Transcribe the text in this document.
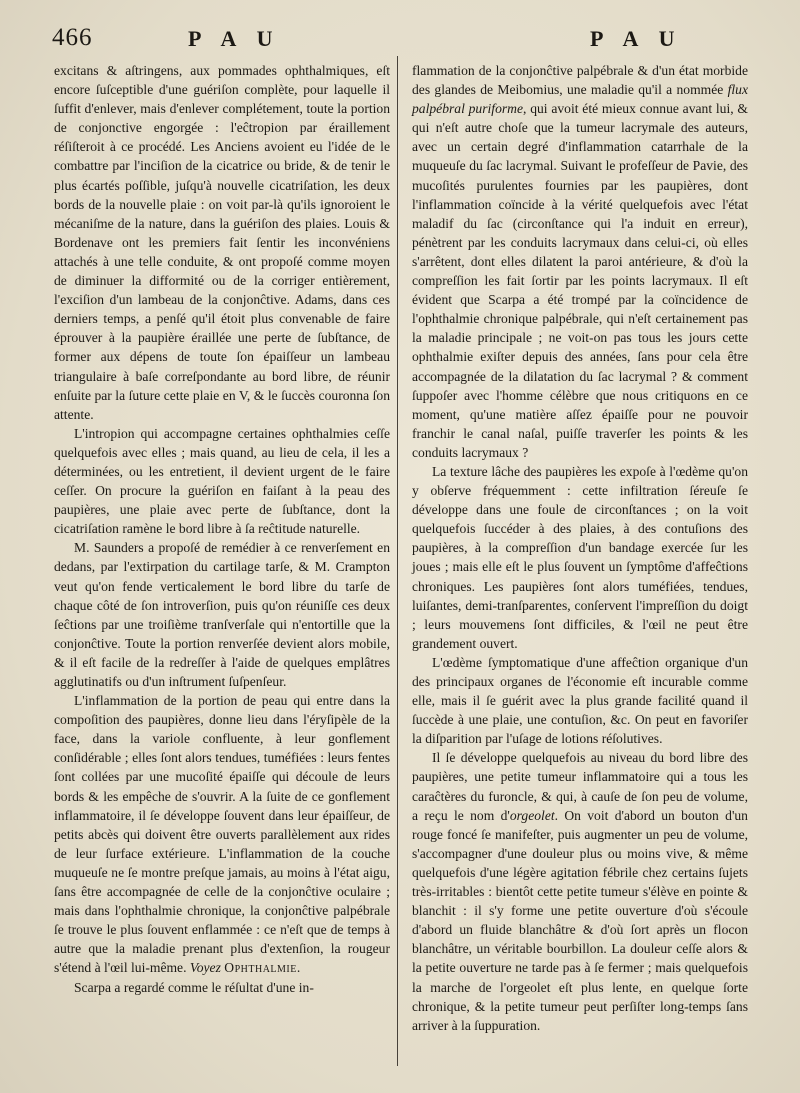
466	P A U	P A U

excitans & aſtringens, aux pommades ophthalmiques, eſt encore ſuſceptible d'une guériſon complète, pour laquelle il ſuffit d'enlever, mais d'enlever complétement, toute la portion de conjonctive engorgée : l'eĉtropion par éraillement réſiſteroit à ce procédé. Les Anciens avoient eu l'idée de le combattre par l'inciſion de la cicatrice ou bride, & de tenir le plus écartés poſſible, juſqu'à nouvelle cicatriſation, les deux bords de la nouvelle plaie : on voit par-là qu'ils ignoroient le mécaniſme de la nature, dans la guériſon des plaies. Louis & Bordenave ont les premiers fait ſentir les inconvéniens attachés à une telle conduite, & ont propoſé comme moyen de diminuer la difformité ou de la corriger entièrement, l'exciſion d'un lambeau de la conjonĉtive. Adams, dans ces derniers temps, a penſé qu'il étoit plus convenable de faire éprouver à la paupière éraillée une perte de ſubſtance, de former aux dépens de toute ſon épaiſſeur un lambeau triangulaire à baſe correſpondante au bord libre, de réunir enſuite par la ſuture cette plaie en V, & le ſuccès couronna ſon attente.

L'intropion qui accompagne certaines ophthalmies ceſſe quelquefois avec elles ; mais quand, au lieu de cela, il les a déterminées, ou les entretient, il devient urgent de le faire ceſſer. On procure la guériſon en faiſant à la peau des paupières, une plaie avec perte de ſubſtance, dont la cicatriſation ramène le bord libre à ſa reĉtitude naturelle.

M. Saunders a propoſé de remédier à ce renverſement en dedans, par l'extirpation du cartilage tarſe, & M. Crampton veut qu'on fende verticalement le bord libre du tarſe de chaque côté de ſon introverſion, puis qu'on réuniſſe ces deux ſeĉtions par une troiſième tranſverſale qui n'entortille que la conjonĉtive. Toute la portion renverſée devient alors mobile, & il eſt facile de la redreſſer à l'aide de quelques emplâtres agglutinatifs ou d'un inſtrument ſuſpenſeur.

L'inflammation de la portion de peau qui entre dans la compoſition des paupières, donne lieu dans l'éryſipèle de la face, dans la variole confluente, à leur gonflement conſidérable ; elles ſont alors tendues, tuméfiées : leurs fentes ſont collées par une mucoſité épaiſſe qui découle de leurs bords & les empêche de s'ouvrir. A la ſuite de ce gonflement inflammatoire, il ſe développe ſouvent dans leur épaiſſeur, de petits abcès qui doivent être ouverts parallèlement aux rides de leur ſurface extérieure. L'inflammation de la couche muqueuſe ne ſe montre preſque jamais, au moins à l'état aigu, ſans être accompagnée de celle de la conjonĉtive oculaire ; mais dans l'ophthalmie chronique, la conjonĉtive palpébrale ſe trouve le plus ſouvent enflammée : ce n'eſt que de temps à autre que la maladie prenant plus d'extenſion, la rougeur s'étend à l'œil lui-même. Voyez Ophthalmie.

Scarpa a regardé comme le réſultat d'une in-

flammation de la conjonĉtive palpébrale & d'un état morbide des glandes de Meibomius, une maladie qu'il a nommée flux palpébral puriforme, qui avoit été mieux connue avant lui, & qui n'eſt autre choſe que la tumeur lacrymale des auteurs, avec un certain degré d'inflammation catarrhale de la muqueuſe du ſac lacrymal. Suivant le profeſſeur de Pavie, des mucoſités purulentes fournies par les paupières, dont l'inflammation coïncide à la vérité quelquefois avec l'état maladif du ſac (circonſtance qui l'a induit en erreur), pénètrent par les conduits lacrymaux dans celui-ci, où elles s'arrêtent, dont elles dilatent la paroi antérieure, & d'où la compreſſion les fait ſortir par les points lacrymaux. Il eſt évident que Scarpa a été trompé par la coïncidence de l'ophthalmie chronique palpébrale, qui n'eſt certainement pas la maladie principale ; ne voit-on pas tous les jours cette ophthalmie exiſter depuis des années, ſans pour cela être accompagnée de la dilatation du ſac lacrymal ? & comment ſuppoſer avec l'homme célèbre que nous critiquons en ce moment, qu'une matière aſſez épaiſſe pour ne pouvoir franchir le canal naſal, puiſſe traverſer les points & les conduits lacrymaux ?

La texture lâche des paupières les expoſe à l'œdème qu'on y obſerve fréquemment : cette infiltration ſéreuſe ſe développe dans une foule de circonſtances ; on la voit quelquefois ſuccéder à des plaies, à des contuſions des paupières, à la compreſſion d'un bandage exercée ſur les joues ; mais elle eſt le plus ſouvent un ſymptôme d'affeĉtions chroniques. Les paupières ſont alors tuméfiées, tendues, luiſantes, demi-tranſparentes, conſervent l'impreſſion du doigt ; leurs mouvemens ſont difficiles, & l'œil ne peut être grandement ouvert.

L'œdème ſymptomatique d'une affeĉtion organique d'un des principaux organes de l'économie eſt incurable comme elle, mais il ſe guérit avec la plus grande facilité quand il ſuccède à une plaie, une contuſion, &c. On peut en favoriſer la diſparition par l'uſage de lotions réſolutives.

Il ſe développe quelquefois au niveau du bord libre des paupières, une petite tumeur inflammatoire qui a tous les caraĉtères du furoncle, & qui, à cauſe de ſon peu de volume, a reçu le nom d'orgeolet. On voit d'abord un bouton d'un rouge foncé ſe manifeſter, puis augmenter un peu de volume, s'accompagner d'une douleur plus ou moins vive, & même quelquefois d'une légère agitation fébrile chez certains ſujets très-irritables : bientôt cette petite tumeur s'élève en pointe & blanchit : il s'y forme une petite ouverture d'où s'écoule d'abord un fluide blanchâtre & d'où ſort après un flocon blanchâtre, un véritable bourbillon. La douleur ceſſe alors & la petite ouverture ne tarde pas à ſe fermer ; mais quelquefois la marche de l'orgeolet eſt plus lente, en quelque ſorte chronique, & la petite tumeur peut perſiſter long-temps ſans arriver à la ſuppuration.
